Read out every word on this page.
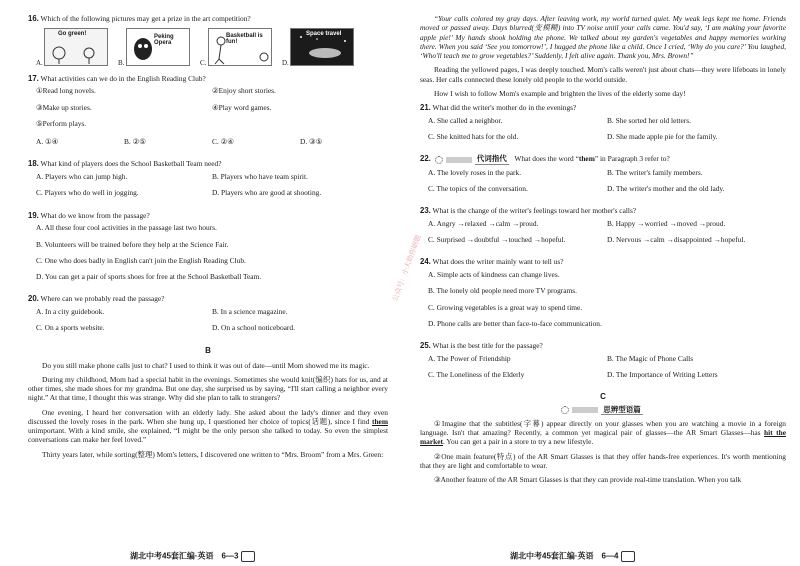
16. Which of the following pictures may get a prize in the art competition?
Go green!
A.
Peking Opera
B.
Basketball is fun!
C.
Space travel
D.
17. What activities can we do in the English Reading Club?
①Read long novels.	②Enjoy short stories.
③Make up stories.	④Play word games.
⑤Perform plays.
A. ①④	B. ②⑤	C. ②④	D. ③⑤
18. What kind of players does the School Basketball Team need?
A. Players who can jump high.	B. Players who have team spirit.
C. Players who do well in jogging.	D. Players who are good at shooting.
19. What do we know from the passage?
A. All these four cool activities in the passage last two hours.
B. Volunteers will be trained before they help at the Science Fair.
C. One who does badly in English can't join the English Reading Club.
D. You can get a pair of sports shoes for free at the School Basketball Team.
20. Where can we probably read the passage?
A. In a city guidebook.	B. In a science magazine.
C. On a sports website.	D. On a school noticeboard.
B

Do you still make phone calls just to chat? I used to think it was out of date—until Mom showed me its magic.

During my childhood, Mom had a special habit in the evenings. Sometimes she would knit(编织) hats for us, and at other times, she made shoes for my grandma. But one day, she surprised us by saying, “I'll start calling a neighbor every night.” At that time, I thought this was strange. Why did she plan to talk to strangers?

One evening, I heard her conversation with an elderly lady. She asked about the lady's dinner and they even discussed the lovely roses in the park. When she hung up, I questioned her choice of topics(话题), since I find them unimportant. With a kind smile, she explained, “I might be the only person she talked to today. So even the simplest conversations can make her feel loved.”

Thirty years later, while sorting(整理) Mom's letters, I discovered one written to “Mrs. Broom” from a Mrs. Green:

湖北中考45套汇编·英语　6—3

“Your calls colored my gray days. After leaving work, my world turned quiet. My weak legs kept me home. Friends moved or passed away. Days blurred(变模糊) into TV noise until your calls came. You'd say, ‘I am making your favorite apple pie!’ My hands shook holding the phone. We talked about my garden's vegetables and happy memories working there. When you said ‘See you tomorrow!’, I hugged the phone like a child. Once I cried, ‘Why do you care?’ You laughed, ‘Who'll teach me to grow vegetables?’ Suddenly, I felt alive again. Thank you, Mrs. Brown!”

Reading the yellowed pages, I was deeply touched. Mom's calls weren't just about chats—they were lifeboats in lonely seas. Her calls connected these lonely old people to the world outside.

How I wish to follow Mom's example and brighten the lives of the elderly some day!

21. What did the writer's mother do in the evenings?
A. She called a neighbor.	B. She sorted her old letters.
C. She knitted hats for the old.	D. She made apple pie for the family.
22.	代词指代 What does the word “them” in Paragraph 3 refer to?
A. The lovely roses in the park.	B. The writer's family members.
C. The topics of the conversation.	D. The writer's mother and the old lady.
23. What is the change of the writer's feelings toward her mother's calls?
A. Angry →relaxed →calm →proud.	B. Happy →worried →moved →proud.
C. Surprised →doubtful →touched →hopeful.	D. Nervous →calm →disappointed →hopeful.
24. What does the writer mainly want to tell us?
A. Simple acts of kindness can change lives.
B. The lonely old people need more TV programs.
C. Growing vegetables is a great way to spend time.
D. Phone calls are better than face-to-face communication.
25. What is the best title for the passage?
A. The Power of Friendship	B. The Magic of Phone Calls
C. The Loneliness of the Elderly	D. The Importance of Writing Letters
C
思辨型语篇

①Imagine that the subtitles(字幕) appear directly on your glasses when you are watching a movie in a foreign language. Isn't that amazing? Recently, a common yet magical pair of glasses—the AR Smart Glasses—has hit the market. You can get a pair in a store to try a new lifestyle.

②One main feature(特点) of the AR Smart Glasses is that they offer hands-free experiences. It's worth mentioning that they are light and comfortable to wear.

③Another feature of the AR Smart Glasses is that they can provide real-time translation. When you talk

湖北中考45套汇编·英语　6—4
公众号：小大助你刷题
